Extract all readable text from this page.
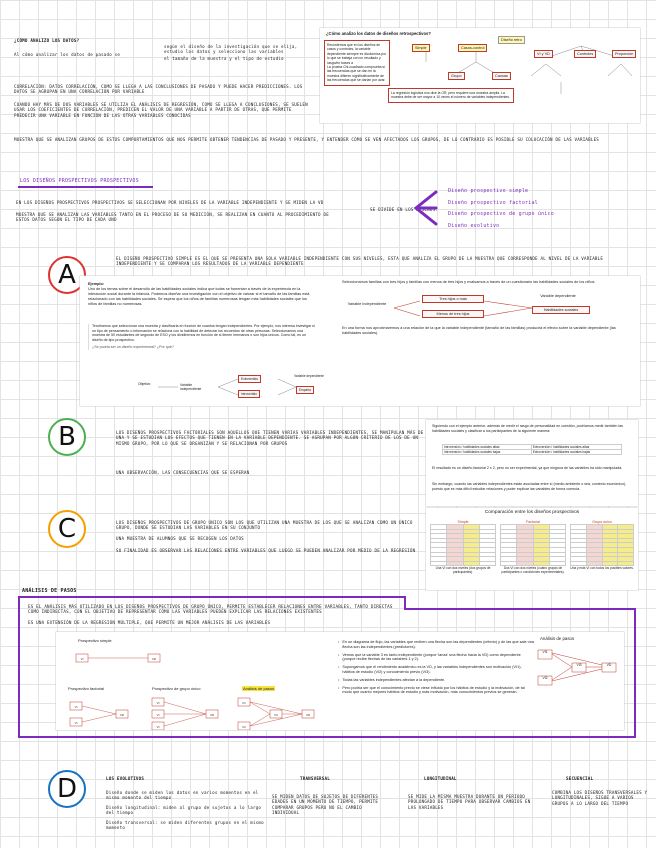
¿CÓMO ANALIZO LOS DATOS?
Al cómo analizar los datos de pasado se
según el diseño de la investigación que se elija, estudio los datos y selecciono las variables
el tamaño de la muestra y el tipo de estudio
CORRELACIÓN: DATOS CORRELACIÓN, COMO SE LLEGA A LAS CONCLUSIONES DE PASADO Y PUEDE HACER PREDICCIONES. LOS DATOS SE AGRUPAN EN UNA CORRELACIÓN POR VARIABLE
CUANDO HAY MÁS DE DOS VARIABLES SE UTILIZA EL ANÁLISIS DE REGRESIÓN, COMO SE LLEGA A CONCLUSIONES, SE SUELEN USAR LOS COEFICIENTES DE CORRELACIÓN, PREDICEN EL VALOR DE UNA VARIABLE A PARTIR DE OTRAS, QUE PERMITE PREDECIR UNA VARIABLE EN FUNCIÓN DE LAS OTRAS VARIABLES CONOCIDAS
MUESTRA QUE SE ANALIZAN GRUPOS DE ESTOS COMPORTAMIENTOS QUE NOS PERMITE OBTENER TENDENCIAS DE PASADO Y PRESENTE, Y ENTENDER CÓMO SE VEN AFECTADOS LOS GRUPOS, DE LO CONTRARIO ES POSIBLE SU COLOCACIÓN DE LAS VARIABLES
¿Cómo analizo los datos de diseños retrospectivos?
Recordemos que en los diseños de casos y controles, la variable dependiente siempre es dicotómica por lo que se trabaja con un resultado y rasgo/en bases a
La prueba Chi-cuadrado comprueba si las frecuencias que se dan en la muestra difieren significativamente de las frecuencias que se darían por azar.
Diseño retro
Simple	Casos-control
VI y VD	Controles	Proporción
Grupo	Causas
La regresión logística nos dice la OR, pero requiere una muestra amplia. La muestra debe de ser mayor a 10 veces el número de variables independientes.
LOS DISEÑOS PROSPECTIVOS PROSPECTIVOS
EN LOS DISEÑOS PROSPECTIVOS PROSPECTIVOS SE SELECCIONAN POR NIVELES DE LA VARIABLE INDEPENDIENTE Y SE MIDEN LA VD
MUESTRA QUE SE ANALIZAN LAS VARIABLES TANTO EN EL PROCESO DE SU MEDICIÓN, SE REALIZAN EN CUANTO AL PROCEDIMIENTO DE ESTOS DATOS SEGÚN EL TIPO DE CADA UNO
SE DIVIDE EN LOS DISEÑOS:
Diseño prospectivo simple
Diseño prospectivo factorial
Diseño prospectivo de grupo único
Diseño evolutivo
A
EL DISEÑO PROSPECTIVO SIMPLE ES EL QUE SE PRESENTA UNA SOLA VARIABLE INDEPENDIENTE CON SUS NIVELES, ESTA QUE ANALIZA EL GRUPO DE LA MUESTRA QUE CORRESPONDE AL NIVEL DE LA VARIABLE INDEPENDIENTE Y SE COMPARAN LOS RESULTADOS DE LA VARIABLE DEPENDIENTE
Ejemplo:
Uno de los temas sobre el desarrollo de las habilidades sociales indica que todas se fomentan a través de la experiencia en la interacción social durante la infancia. Podemos diseñar una investigación con el objetivo de valorar si el tamaño de las familias está relacionado con las habilidades sociales. Se espera que los niños de familias numerosas tengan más habilidades sociales que los niños de familias no numerosas.
Tendríamos que seleccionar una muestra y clasificarla en función de cuantos tengan independientes. Por ejemplo, nos interesa investigar si un tipo de pensamiento o información se relaciona con la habilidad de detectar los recuerdos de otras personas. Seleccionamos una muestra de 50 estudiantes de segundo de ESO y los dividiremos en función de si tienen hermanos o son hijos únicos. Como tal, es un diseño de tipo prospectivo.
¿Se podría ser un diseño experimental? ¿Por qué?
Objetivo	Variable independiente
Extrovertido
Introvertido
Variable dependiente
Empatía
Seleccionamos familias con tres hijos y familias con menos de tres hijos y evaluamos a través de un cuestionario las habilidades sociales de los niños.
Variable independiente
Tres hijos o más
Menos de tres hijos
Variable dependiente
Habilidades sociales
En una forma nos aproximaremos a una relación de la que la variable independiente (tamaño de las familias) producirá el efecto sobre la variable dependiente (las habilidades sociales).
B	LOS DISEÑOS PROSPECTIVOS FACTORIALES SON AQUELLOS QUE TIENEN VARIAS VARIABLES INDEPENDIENTES, SE MANIPULAN MÁS DE UNA Y SE ESTUDIAN LOS EFECTOS QUE TIENEN EN LA VARIABLE DEPENDIENTE. SE AGRUPAN POR ALGÚN CRITERIO DE LOS DE UN MISMO GRUPO, POR LO QUE SE ORGANIZAN Y SE RELACIONAN POR GRUPOS
UNA OBSERVACIÓN, LAS CONSECUENCIAS QUE SE ESPERAN
Siguiendo con el ejemplo anterior, además de medir el rasgo de personalidad en cuestión, podríamos medir también las habilidades sociales y clasificar a los participantes de la siguiente manera:
Introversión / habilidades sociales altas	Extroversión / habilidades sociales altas
Introversión / habilidades sociales bajas	Extroversión / habilidades sociales bajas
El resultado es un diseño factorial 2 x 2, pero no ser experimental, ya que ninguna de las variables ha sido manipulada.
Sin embargo, cuando las variables independientes están asociadas entre sí (medio ambiente o sea, contexto económico), puesto que es más difícil estudiar relaciones y poder explicar las variables de forma correcta.
C	LOS DISEÑOS PROSPECTIVOS DE GRUPO ÚNICO SON LOS QUE UTILIZAN UNA MUESTRA DE LOS QUE SE ANALIZAN COMO UN ÚNICO GRUPO, DONDE SE ESTUDIAN LAS VARIABLES EN SU CONJUNTO
UNA MUESTRA DE ALUMNOS QUE SE RECOGEN LOS DATOS
SU FINALIDAD ES OBSERVAR LAS RELACIONES ENTRE VARIABLES QUE LUEGO SE PUEDEN ANALIZAR POR MEDIO DE LA REGRESIÓN
Comparación entre los diseños prospectivos
Simple

Una VI con dos niveles (dos grupos de participantes).
Factorial

Dos VI con dos niveles (cuatro grupos de participantes o condiciones experimentales).
Grupo único

Una y más VI con todos los posibles valores.
ANÁLISIS DE PASOS
ES EL ANÁLISIS MÁS UTILIZADO EN LOS DISEÑOS PROSPECTIVOS DE GRUPO ÚNICO, PERMITE ESTABLECER RELACIONES ENTRE VARIABLES, TANTO DIRECTAS COMO INDIRECTAS, CON EL OBJETIVO DE REPRESENTAR CÓMO LAS VARIABLES PUEDEN EXPLICAR LAS RELACIONES EXISTENTES
ES UNA EXTENSIÓN DE LA REGRESIÓN MÚLTIPLE, QUE PERMITE UN MEJOR ANÁLISIS DE LAS VARIABLES
Prospectivo simple
Prospectivo factorial	Prospectivo de grupo único	Análisis de pasos
VI	VD
VI
VI
VD
VI
VI
VI
VD
V1
V2
V3	VD
• En un diagrama de flujo, las variables que reciben una flecha son las dependientes (criterio) y de las que sale una flecha son las independientes (predictores).
• Vemos que la variable 3 es tanto independiente (porque 'lanza' una flecha hacia la VD) como dependiente (porque recibe flechas de las variables 1 y 2).
• Supongamos que el rendimiento académico es la VD, y las variables independientes son motivación (VI1), hábitos de estudio (VI2) y conocimiento previo (VI3).
• Todas las variables independientes afectan a la dependiente.
• Pero podría ser que el conocimiento previo se viese influido por los hábitos de estudio y la motivación, de tal modo que cuanto mejores hábitos de estudio y más motivación, más conocimientos previos se generan.
Análisis de pasos
VI1
VI2
VI3	VD
D	LOS EVOLUTIVOS
Diseño donde se miden los datos en varios momentos en el mismo momento del tiempo
Diseño longitudinal: miden al grupo de sujetos a lo largo del tiempo
Diseño transversal: se miden diferentes grupos en el mismo momento
TRANSVERSAL
SE MIDEN DATOS DE SUJETOS DE DIFERENTES EDADES EN UN MOMENTO DE TIEMPO, PERMITE COMPARAR GRUPOS PERO NO EL CAMBIO INDIVIDUAL
LONGITUDINAL
SE MIDE LA MISMA MUESTRA DURANTE UN PERIODO PROLONGADO DE TIEMPO PARA OBSERVAR CAMBIOS EN LAS VARIABLES
SECUENCIAL
COMBINA LOS DISEÑOS TRANSVERSALES Y LONGITUDINALES, SIGUE A VARIOS GRUPOS A LO LARGO DEL TIEMPO
